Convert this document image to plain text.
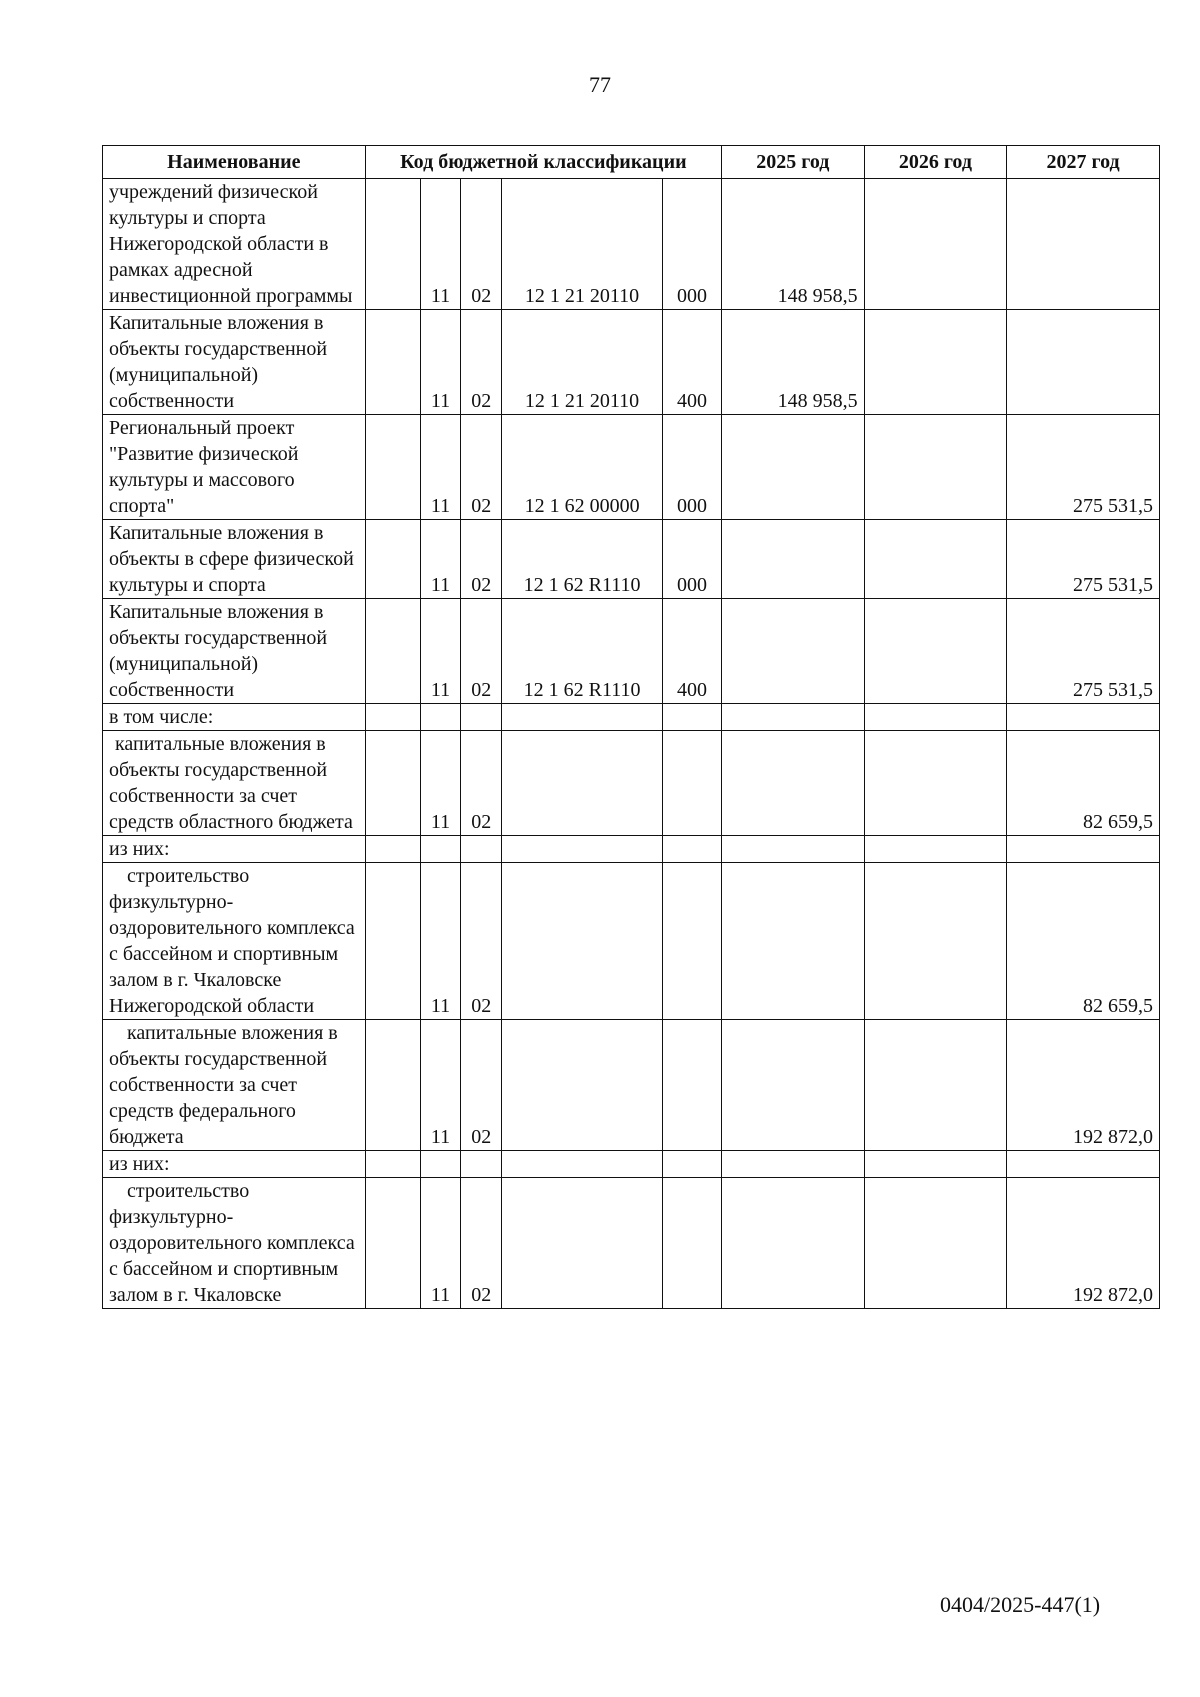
77
Наименование	Код бюджетной классификации					2025 год	2026 год	2027 год
учреждений физической культуры и спорта Нижегородской области в рамках адресной инвестиционной программы		11	02	12 1 21 20110	000	148 958,5		
Капитальные вложения в объекты государственной (муниципальной) собственности		11	02	12 1 21 20110	400	148 958,5		
Региональный проект "Развитие физической культуры и массового спорта"		11	02	12 1 62 00000	000			275 531,5
Капитальные вложения в объекты в сфере физической культуры и спорта		11	02	12 1 62 R1110	000			275 531,5
Капитальные вложения в объекты государственной (муниципальной) собственности		11	02	12 1 62 R1110	400			275 531,5
в том числе:								
капитальные вложения в объекты государственной собственности за счет средств областного бюджета		11	02					82 659,5
из них:								
строительство физкультурно-оздоровительного комплекса с бассейном и спортивным залом в г. Чкаловске Нижегородской области		11	02					82 659,5
капитальные вложения в объекты государственной собственности за счет средств федерального бюджета		11	02					192 872,0
из них:								
строительство физкультурно-оздоровительного комплекса с бассейном и спортивным залом в г. Чкаловске		11	02					192 872,0
0404/2025-447(1)
